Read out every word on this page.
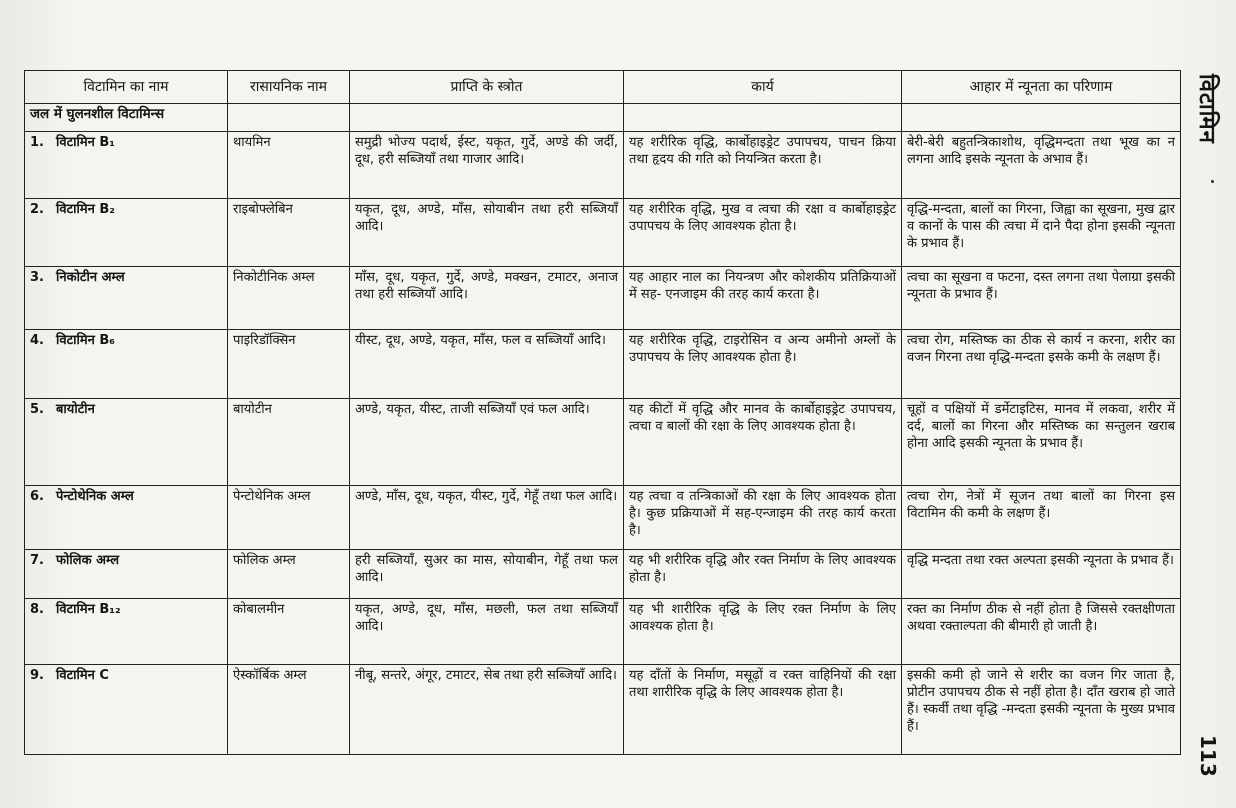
विटामिन का नाम	रासायनिक नाम	प्राप्ति के स्त्रोत	कार्य	आहार में न्यूनता का परिणाम
जल में घुलनशील विटामिन्स				
1. विटामिन B₁	थायमिन	समुद्री भोज्य पदार्थ, ईस्ट, यकृत, गुर्दे, अण्डे की जर्दी, दूध, हरी सब्जियाँ तथा गाजार आदि।	यह शरीरिक वृद्धि, कार्बोहाइड्रेट उपापचय, पाचन क्रिया तथा हृदय की गति को नियन्त्रित करता है।	बेरी-बेरी बहुतन्त्रिकाशोथ, वृद्धिमन्दता तथा भूख का न लगना आदि इसके न्यूनता के अभाव हैं।
2. विटामिन B₂	राइबोफ्लेबिन	यकृत, दूध, अण्डे, माँस, सोयाबीन तथा हरी सब्जियाँ आदि।	यह शरीरिक वृद्धि, मुख व त्वचा की रक्षा व कार्बोहाइड्रेट उपापचय के लिए आवश्यक होता है।	वृद्धि-मन्दता, बालों का गिरना, जिह्वा का सूखना, मुख द्वार व कानों के पास की त्वचा में दाने पैदा होना इसकी न्यूनता के प्रभाव हैं।
3. निकोटीन अम्ल	निकोटीनिक अम्ल	माँस, दूध, यकृत, गुर्दे, अण्डे, मक्खन, टमाटर, अनाज तथा हरी सब्जियाँ आदि।	यह आहार नाल का नियन्त्रण और कोशकीय प्रतिक्रियाओं में सह- एनजाइम की तरह कार्य करता है।	त्वचा का सूखना व फटना, दस्त लगना तथा पेलाग्रा इसकी न्यूनता के प्रभाव हैं।
4. विटामिन B₆	पाइरिडॉक्सिन	यीस्ट, दूध, अण्डे, यकृत, माँस, फल व सब्जियाँ आदि।	यह शरीरिक वृद्धि, टाइरोसिन व अन्य अमीनो अम्लों के उपापचय के लिए आवश्यक होता है।	त्वचा रोग, मस्तिष्क का ठीक से कार्य न करना, शरीर का वजन गिरना तथा वृद्धि-मन्दता इसके कमी के लक्षण हैं।
5. बायोटीन	बायोटीन	अण्डे, यकृत, यीस्ट, ताजी सब्जियाँ एवं फल आदि।	यह कीटों में वृद्धि और मानव के कार्बोहाइड्रेट उपापचय, त्वचा व बालों की रक्षा के लिए आवश्यक होता है।	चूहों व पक्षियों में डर्मेटाइटिस, मानव में लकवा, शरीर में दर्द, बालों का गिरना और मस्तिष्क का सन्तुलन खराब होना आदि इसकी न्यूनता के प्रभाव हैं।
6. पेन्टोथेनिक अम्ल	पेन्टोथेनिक अम्ल	अण्डे, माँस, दूध, यकृत, यीस्ट, गुर्दे, गेहूँ तथा फल आदि।	यह त्वचा व तन्त्रिकाओं की रक्षा के लिए आवश्यक होता है। कुछ प्रक्रियाओं में सह-एन्जाइम की तरह कार्य करता है।	त्वचा रोग, नेत्रों में सूजन तथा बालों का गिरना इस विटामिन की कमी के लक्षण हैं।
7. फोलिक अम्ल	फोलिक अम्ल	हरी सब्जियाँ, सुअर का मास, सोयाबीन, गेहूँ तथा फल आदि।	यह भी शरीरिक वृद्धि और रक्त निर्माण के लिए आवश्यक होता है।	वृद्धि मन्दता तथा रक्त अल्पता इसकी न्यूनता के प्रभाव हैं।
8. विटामिन B₁₂	कोबालमीन	यकृत, अण्डे, दूध, माँस, मछली, फल तथा सब्जियाँ आदि।	यह भी शारीरिक वृद्धि के लिए रक्त निर्माण के लिए आवश्यक होता है।	रक्त का निर्माण ठीक से नहीं होता है जिससे रक्तक्षीणता अथवा रक्ताल्पता की बीमारी हो जाती है।
9. विटामिन C	ऐस्कॉर्बिक अम्ल	नीबू, सन्तरे, अंगूर, टमाटर, सेब तथा हरी सब्जियाँ आदि।	यह दाँतों के निर्माण, मसूढ़ों व रक्त वाहिनियों की रक्षा तथा शारीरिक वृद्धि के लिए आवश्यक होता है।	इसकी कमी हो जाने से शरीर का वजन गिर जाता है, प्रोटीन उपापचय ठीक से नहीं होता है। दाँत खराब हो जाते हैं। स्कर्वी तथा वृद्धि -मन्दता इसकी न्यूनता के मुख्य प्रभाव हैं।
विटामिन
113
